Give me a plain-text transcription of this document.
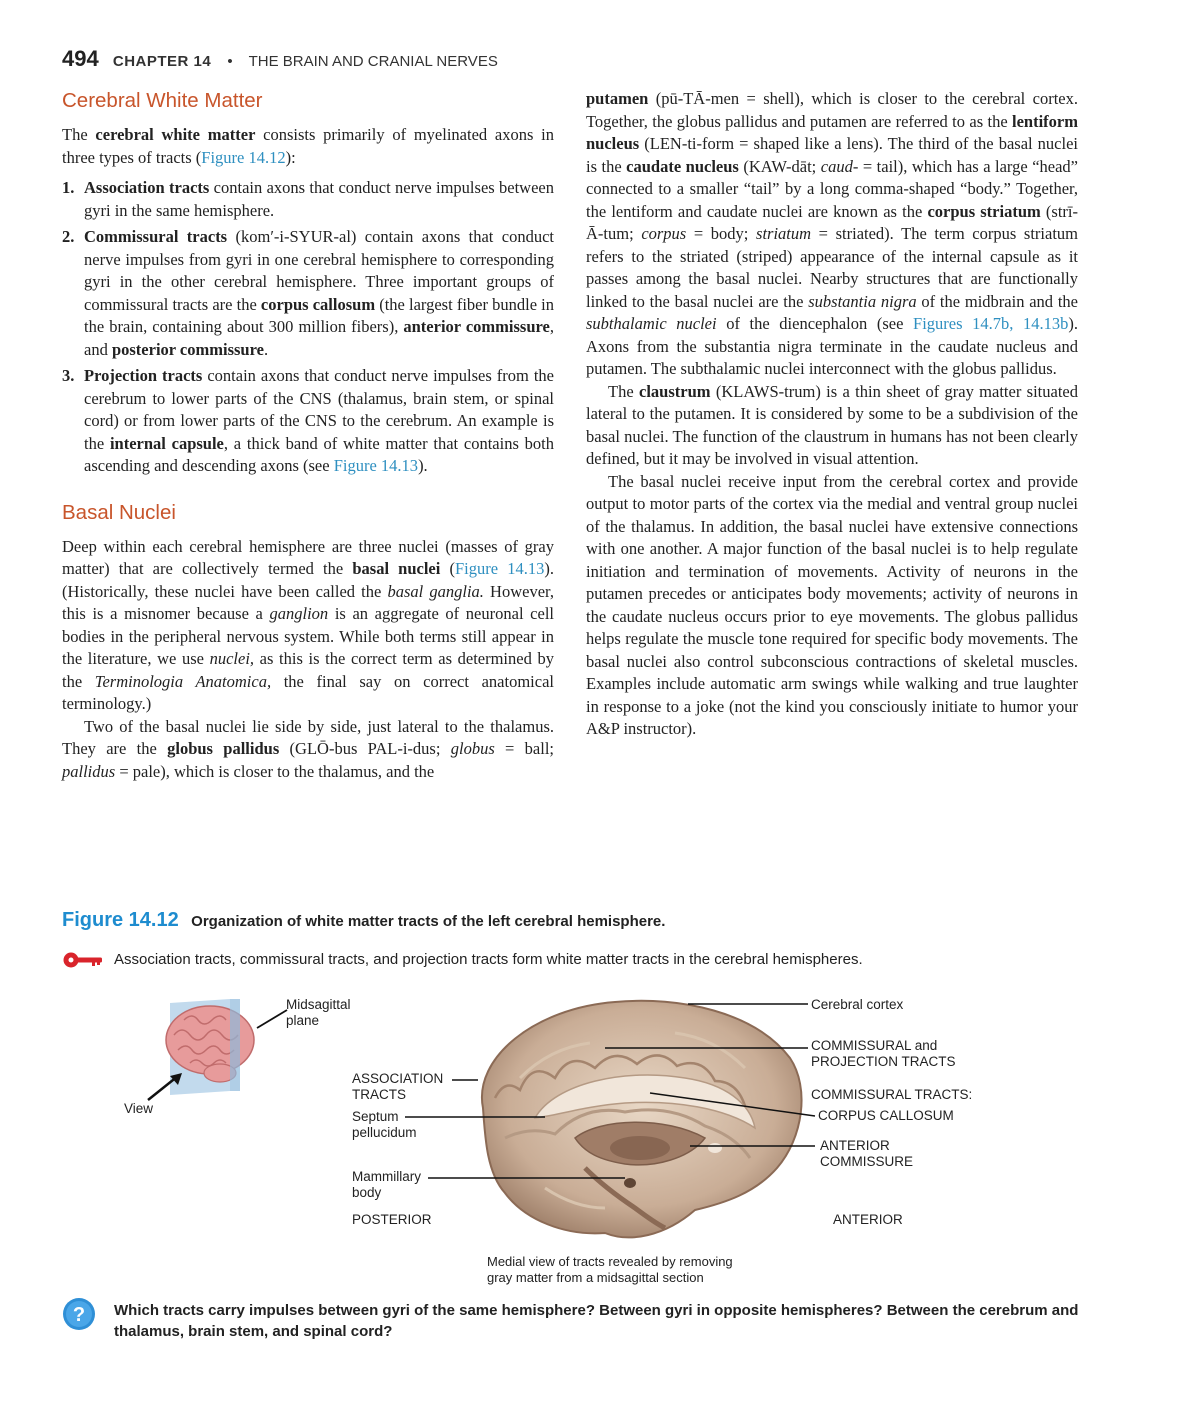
494 CHAPTER 14 • THE BRAIN AND CRANIAL NERVES
Cerebral White Matter

The cerebral white matter consists primarily of myelinated axons in three types of tracts (Figure 14.12):

1. Association tracts contain axons that conduct nerve impulses between gyri in the same hemisphere.
2. Commissural tracts (kom′-i-SYUR-al) contain axons that conduct nerve impulses from gyri in one cerebral hemisphere to corresponding gyri in the other cerebral hemisphere. Three important groups of commissural tracts are the corpus callosum (the largest fiber bundle in the brain, containing about 300 million fibers), anterior commissure, and posterior commissure.
3. Projection tracts contain axons that conduct nerve impulses from the cerebrum to lower parts of the CNS (thalamus, brain stem, or spinal cord) or from lower parts of the CNS to the cerebrum. An example is the internal capsule, a thick band of white matter that contains both ascending and descending axons (see Figure 14.13).
Basal Nuclei

Deep within each cerebral hemisphere are three nuclei (masses of gray matter) that are collectively termed the basal nuclei (Figure 14.13). (Historically, these nuclei have been called the basal ganglia. However, this is a misnomer because a ganglion is an aggregate of neuronal cell bodies in the peripheral nervous system. While both terms still appear in the literature, we use nuclei, as this is the correct term as determined by the Terminologia Anatomica, the final say on correct anatomical terminology.)

Two of the basal nuclei lie side by side, just lateral to the thalamus. They are the globus pallidus (GLŌ-bus PAL-i-dus; globus = ball; pallidus = pale), which is closer to the thalamus, and the

putamen (pū-TĀ-men = shell), which is closer to the cerebral cortex. Together, the globus pallidus and putamen are referred to as the lentiform nucleus (LEN-ti-form = shaped like a lens). The third of the basal nuclei is the caudate nucleus (KAW-dāt; caud- = tail), which has a large “head” connected to a smaller “tail” by a long comma-shaped “body.” Together, the lentiform and caudate nuclei are known as the corpus striatum (strī-Ā-tum; corpus = body; striatum = striated). The term corpus striatum refers to the striated (striped) appearance of the internal capsule as it passes among the basal nuclei. Nearby structures that are functionally linked to the basal nuclei are the substantia nigra of the midbrain and the subthalamic nuclei of the diencephalon (see Figures 14.7b, 14.13b). Axons from the substantia nigra terminate in the caudate nucleus and putamen. The subthalamic nuclei interconnect with the globus pallidus.

The claustrum (KLAWS-trum) is a thin sheet of gray matter situated lateral to the putamen. It is considered by some to be a subdivision of the basal nuclei. The function of the claustrum in humans has not been clearly defined, but it may be involved in visual attention.

The basal nuclei receive input from the cerebral cortex and provide output to motor parts of the cortex via the medial and ventral group nuclei of the thalamus. In addition, the basal nuclei have extensive connections with one another. A major function of the basal nuclei is to help regulate initiation and termination of movements. Activity of neurons in the putamen precedes or anticipates body movements; activity of neurons in the caudate nucleus occurs prior to eye movements. The globus pallidus helps regulate the muscle tone required for specific body movements. The basal nuclei also control subconscious contractions of skeletal muscles. Examples include automatic arm swings while walking and true laughter in response to a joke (not the kind you consciously initiate to humor your A&P instructor).

Figure 14.12 Organization of white matter tracts of the left cerebral hemisphere.
Association tracts, commissural tracts, and projection tracts form white matter tracts in the cerebral hemispheres.
Midsagittal
plane
View
ASSOCIATION
TRACTS
Septum
pellucidum
Mammillary
body
POSTERIOR
Cerebral cortex
COMMISSURAL and
PROJECTION TRACTS
COMMISSURAL TRACTS:
CORPUS CALLOSUM
ANTERIOR
COMMISSURE
ANTERIOR
Medial view of tracts revealed by removing
gray matter from a midsagittal section
? Which tracts carry impulses between gyri of the same hemisphere? Between gyri in opposite hemispheres? Between the cerebrum and thalamus, brain stem, and spinal cord?
